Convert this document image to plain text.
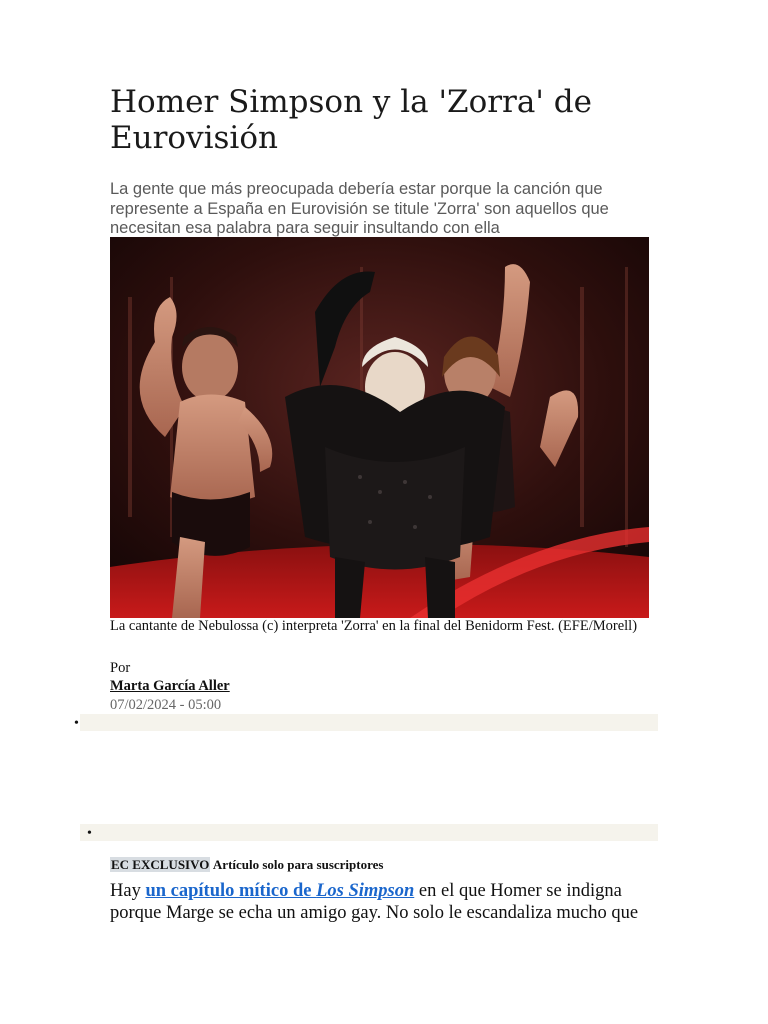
Homer Simpson y la 'Zorra' de Eurovisión

La gente que más preocupada debería estar porque la canción que represente a España en Eurovisión se titule 'Zorra' son aquellos que necesitan esa palabra para seguir insultando con ella

La cantante de Nebulossa (c) interpreta 'Zorra' en la final del Benidorm Fest. (EFE/Morell)
Por
Marta García Aller
07/02/2024 - 05:00
•
•
EC EXCLUSIVO Artículo solo para suscriptores

Hay un capítulo mítico de Los Simpson en el que Homer se indigna porque Marge se echa un amigo gay. No solo le escandaliza mucho que
